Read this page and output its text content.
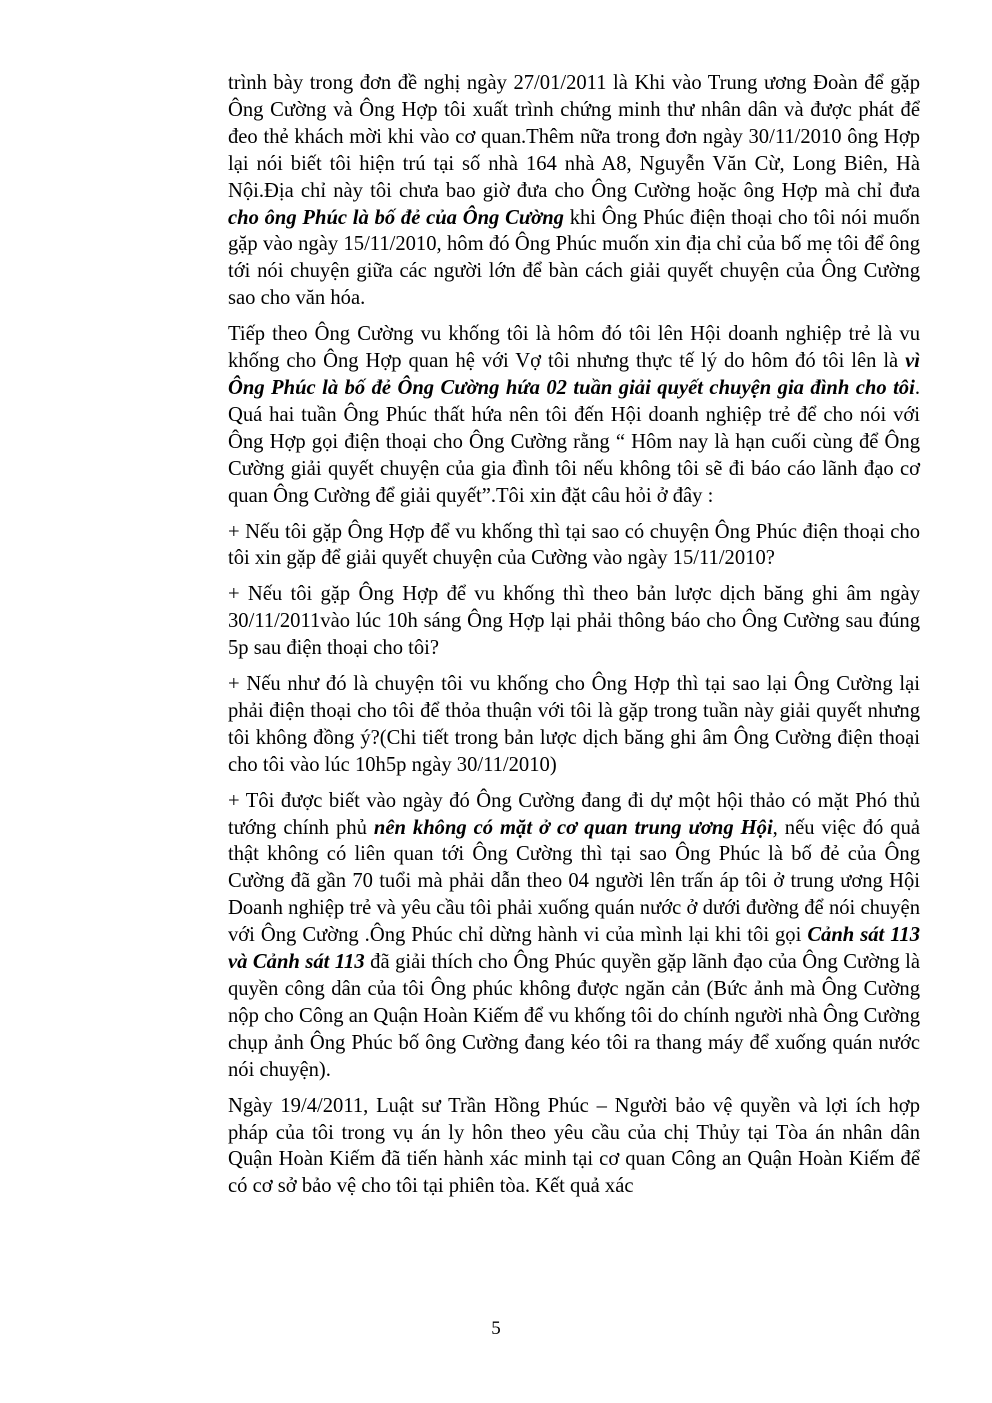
trình bày trong đơn đề nghị ngày 27/01/2011 là Khi vào Trung ương Đoàn để gặp Ông Cường và Ông Hợp tôi xuất trình chứng minh thư nhân dân và được phát để đeo thẻ khách mời khi vào cơ quan.Thêm nữa trong đơn ngày 30/11/2010 ông Hợp lại nói biết tôi hiện trú tại số nhà 164 nhà A8, Nguyễn Văn Cừ, Long Biên, Hà Nội.Địa chỉ này tôi chưa bao giờ đưa cho Ông Cường hoặc ông Hợp mà chỉ đưa cho ông Phúc là bố đẻ của Ông Cường khi Ông Phúc điện thoại cho tôi nói muốn gặp vào ngày 15/11/2010, hôm đó Ông Phúc muốn xin địa chỉ của bố mẹ tôi để ông tới nói chuyện giữa các người lớn để bàn cách giải quyết chuyện của Ông Cường sao cho văn hóa.

Tiếp theo Ông Cường vu khống tôi là hôm đó tôi lên Hội doanh nghiệp trẻ là vu khống cho Ông Hợp quan hệ với Vợ tôi nhưng thực tế lý do hôm đó tôi lên là vì Ông Phúc là bố đẻ Ông Cường hứa 02 tuần giải quyết chuyện gia đình cho tôi. Quá hai tuần Ông Phúc thất hứa nên tôi đến Hội doanh nghiệp trẻ để cho nói với Ông Hợp gọi điện thoại cho Ông Cường rằng “ Hôm nay là hạn cuối cùng để Ông Cường giải quyết chuyện của gia đình tôi nếu không tôi sẽ đi báo cáo lãnh đạo cơ quan Ông Cường để giải quyết”.Tôi xin đặt câu hỏi ở đây :

+ Nếu tôi gặp Ông Hợp để vu khống thì tại sao có chuyện Ông Phúc điện thoại cho tôi xin gặp để giải quyết chuyện của Cường vào ngày 15/11/2010?

+ Nếu tôi gặp Ông Hợp để vu khống thì theo bản lược dịch băng ghi âm ngày 30/11/2011vào lúc 10h sáng Ông Hợp lại phải thông báo cho Ông Cường sau đúng 5p sau điện thoại cho tôi?

+ Nếu như đó là chuyện tôi vu khống cho Ông Hợp thì tại sao lại Ông Cường lại phải điện thoại cho tôi để thỏa thuận với tôi là gặp trong tuần này giải quyết nhưng tôi không đồng ý?(Chi tiết trong bản lược dịch băng ghi âm Ông Cường điện thoại cho tôi vào lúc 10h5p ngày 30/11/2010)

+ Tôi được biết vào ngày đó Ông Cường đang đi dự một hội thảo có mặt Phó thủ tướng chính phủ nên không có mặt ở cơ quan trung ương Hội, nếu việc đó quả thật không có liên quan tới Ông Cường thì tại sao Ông Phúc là bố đẻ của Ông Cường đã gần 70 tuổi mà phải dẫn theo 04 người lên trấn áp tôi ở trung ương Hội Doanh nghiệp trẻ và yêu cầu tôi phải xuống quán nước ở dưới đường để nói chuyện với Ông Cường .Ông Phúc chỉ dừng hành vi của mình lại khi tôi gọi Cảnh sát 113 và Cảnh sát 113 đã giải thích cho Ông Phúc quyền gặp lãnh đạo của Ông Cường là quyền công dân của tôi Ông phúc không được ngăn cản (Bức ảnh mà Ông Cường nộp cho Công an Quận Hoàn Kiếm để vu khống tôi do chính người nhà Ông Cường chụp ảnh Ông Phúc bố ông Cường đang kéo tôi ra thang máy để xuống quán nước nói chuyện).

Ngày 19/4/2011, Luật sư Trần Hồng Phúc – Người bảo vệ quyền và lợi ích hợp pháp của tôi trong vụ án ly hôn theo yêu cầu của chị Thủy tại Tòa án nhân dân Quận Hoàn Kiếm đã tiến hành xác minh tại cơ quan Công an Quận Hoàn Kiếm để có cơ sở bảo vệ cho tôi tại phiên tòa. Kết quả xác

5
